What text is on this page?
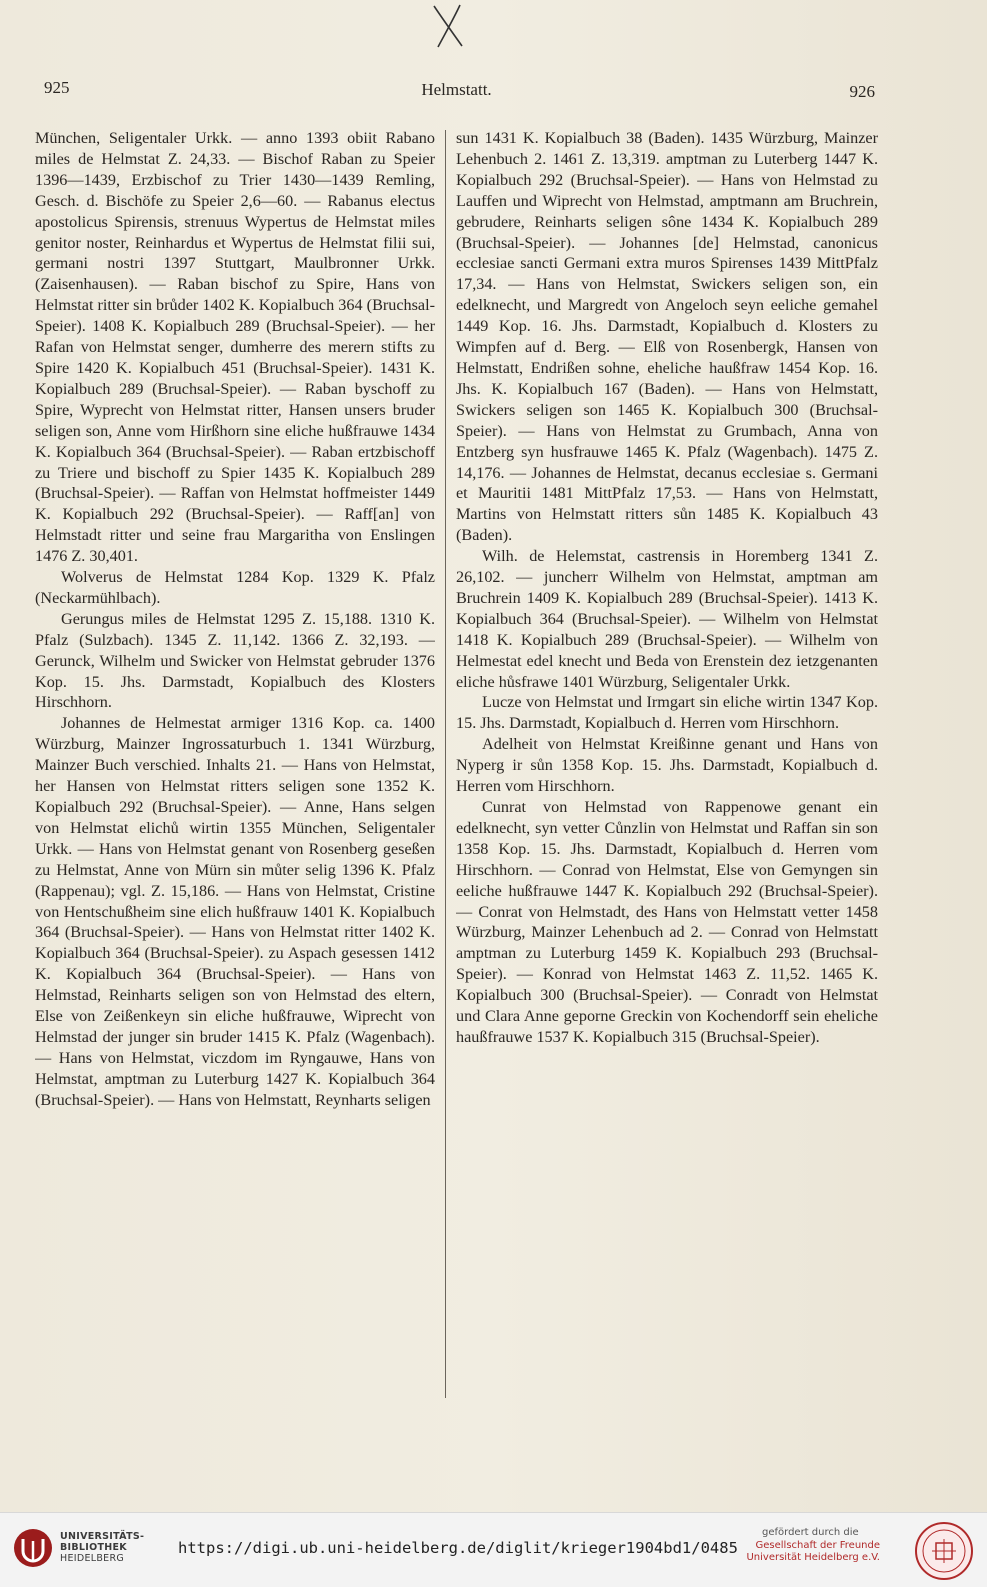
925	Helmstatt.	926

München, Seligentaler Urkk. — anno 1393 obiit Rabano miles de Helmstat Z. 24,33. — Bischof Raban zu Speier 1396—1439, Erzbischof zu Trier 1430—1439 Remling, Gesch. d. Bischöfe zu Speier 2,6—60. — Rabanus electus apostolicus Spirensis, strenuus Wypertus de Helmstat miles genitor noster, Reinhardus et Wypertus de Helmstat filii sui, germani nostri 1397 Stuttgart, Maulbronner Urkk. (Zaisenhausen). — Raban bischof zu Spire, Hans von Helmstat ritter sin brůder 1402 K. Kopialbuch 364 (Bruchsal-Speier). 1408 K. Kopialbuch 289 (Bruchsal-Speier). — her Rafan von Helmstat senger, dumherre des merern stifts zu Spire 1420 K. Kopialbuch 451 (Bruchsal-Speier). 1431 K. Kopialbuch 289 (Bruchsal-Speier). — Raban byschoff zu Spire, Wyprecht von Helmstat ritter, Hansen unsers bruder seligen son, Anne vom Hirßhorn sine eliche hußfrauwe 1434 K. Kopialbuch 364 (Bruchsal-Speier). — Raban ertzbischoff zu Triere und bischoff zu Spier 1435 K. Kopialbuch 289 (Bruchsal-Speier). — Raffan von Helmstat hoffmeister 1449 K. Kopialbuch 292 (Bruchsal-Speier). — Raff[an] von Helmstadt ritter und seine frau Margaritha von Enslingen 1476 Z. 30,401.

Wolverus de Helmstat 1284 Kop. 1329 K. Pfalz (Neckarmühlbach).

Gerungus miles de Helmstat 1295 Z. 15,188. 1310 K. Pfalz (Sulzbach). 1345 Z. 11,142. 1366 Z. 32,193. — Gerunck, Wilhelm und Swicker von Helmstat gebruder 1376 Kop. 15. Jhs. Darmstadt, Kopialbuch des Klosters Hirschhorn.

Johannes de Helmestat armiger 1316 Kop. ca. 1400 Würzburg, Mainzer Ingrossaturbuch 1. 1341 Würzburg, Mainzer Buch verschied. Inhalts 21. — Hans von Helmstat, her Hansen von Helmstat ritters seligen sone 1352 K. Kopialbuch 292 (Bruchsal-Speier). — Anne, Hans selgen von Helmstat elichů wirtin 1355 München, Seligentaler Urkk. — Hans von Helmstat genant von Rosenberg geseßen zu Helmstat, Anne von Mürn sin můter selig 1396 K. Pfalz (Rappenau); vgl. Z. 15,186. — Hans von Helmstat, Cristine von Hentschußheim sine elich hußfrauw 1401 K. Kopialbuch 364 (Bruchsal-Speier). — Hans von Helmstat ritter 1402 K. Kopialbuch 364 (Bruchsal-Speier). zu Aspach gesessen 1412 K. Kopialbuch 364 (Bruchsal-Speier). — Hans von Helmstad, Reinharts seligen son von Helmstad des eltern, Else von Zeißenkeyn sin eliche hußfrauwe, Wiprecht von Helmstad der junger sin bruder 1415 K. Pfalz (Wagenbach). — Hans von Helmstat, viczdom im Ryngauwe, Hans von Helmstat, amptman zu Luterburg 1427 K. Kopialbuch 364 (Bruchsal-Speier). — Hans von Helmstatt, Reynharts seligen

sun 1431 K. Kopialbuch 38 (Baden). 1435 Würzburg, Mainzer Lehenbuch 2. 1461 Z. 13,319. amptman zu Luterberg 1447 K. Kopialbuch 292 (Bruchsal-Speier). — Hans von Helmstad zu Lauffen und Wiprecht von Helmstad, amptmann am Bruchrein, gebrudere, Reinharts seligen sône 1434 K. Kopialbuch 289 (Bruchsal-Speier). — Johannes [de] Helmstad, canonicus ecclesiae sancti Germani extra muros Spirenses 1439 MittPfalz 17,34. — Hans von Helmstat, Swickers seligen son, ein edelknecht, und Margredt von Angeloch seyn eeliche gemahel 1449 Kop. 16. Jhs. Darmstadt, Kopialbuch d. Klosters zu Wimpfen auf d. Berg. — Elß von Rosenbergk, Hansen von Helmstatt, Endrißen sohne, eheliche haußfraw 1454 Kop. 16. Jhs. K. Kopialbuch 167 (Baden). — Hans von Helmstatt, Swickers seligen son 1465 K. Kopialbuch 300 (Bruchsal-Speier). — Hans von Helmstat zu Grumbach, Anna von Entzberg syn husfrauwe 1465 K. Pfalz (Wagenbach). 1475 Z. 14,176. — Johannes de Helmstat, decanus ecclesiae s. Germani et Mauritii 1481 MittPfalz 17,53. — Hans von Helmstatt, Martins von Helmstatt ritters sůn 1485 K. Kopialbuch 43 (Baden).

Wilh. de Helemstat, castrensis in Horemberg 1341 Z. 26,102. — juncherr Wilhelm von Helmstat, amptman am Bruchrein 1409 K. Kopialbuch 289 (Bruchsal-Speier). 1413 K. Kopialbuch 364 (Bruchsal-Speier). — Wilhelm von Helmstat 1418 K. Kopialbuch 289 (Bruchsal-Speier). — Wilhelm von Helmestat edel knecht und Beda von Erenstein dez ietzgenanten eliche hůsfrawe 1401 Würzburg, Seligentaler Urkk.

Lucze von Helmstat und Irmgart sin eliche wirtin 1347 Kop. 15. Jhs. Darmstadt, Kopialbuch d. Herren vom Hirschhorn.

Adelheit von Helmstat Kreißinne genant und Hans von Nyperg ir sůn 1358 Kop. 15. Jhs. Darmstadt, Kopialbuch d. Herren vom Hirschhorn.

Cunrat von Helmstad von Rappenowe genant ein edelknecht, syn vetter Cůnzlin von Helmstat und Raffan sin son 1358 Kop. 15. Jhs. Darmstadt, Kopialbuch d. Herren vom Hirschhorn. — Conrad von Helmstat, Else von Gemyngen sin eeliche hußfrauwe 1447 K. Kopialbuch 292 (Bruchsal-Speier). — Conrat von Helmstadt, des Hans von Helmstatt vetter 1458 Würzburg, Mainzer Lehenbuch ad 2. — Conrad von Helmstatt amptman zu Luterburg 1459 K. Kopialbuch 293 (Bruchsal-Speier). — Konrad von Helmstat 1463 Z. 11,52. 1465 K. Kopialbuch 300 (Bruchsal-Speier). — Conradt von Helmstat und Clara Anne geporne Greckin von Kochendorff sein eheliche haußfrauwe 1537 K. Kopialbuch 315 (Bruchsal-Speier).

UNIVERSITÄTS-
BIBLIOTHEK
HEIDELBERG
https://digi.ub.uni-heidelberg.de/diglit/krieger1904bd1/0485
gefördert durch die
Gesellschaft der Freunde
Universität Heidelberg e.V.
